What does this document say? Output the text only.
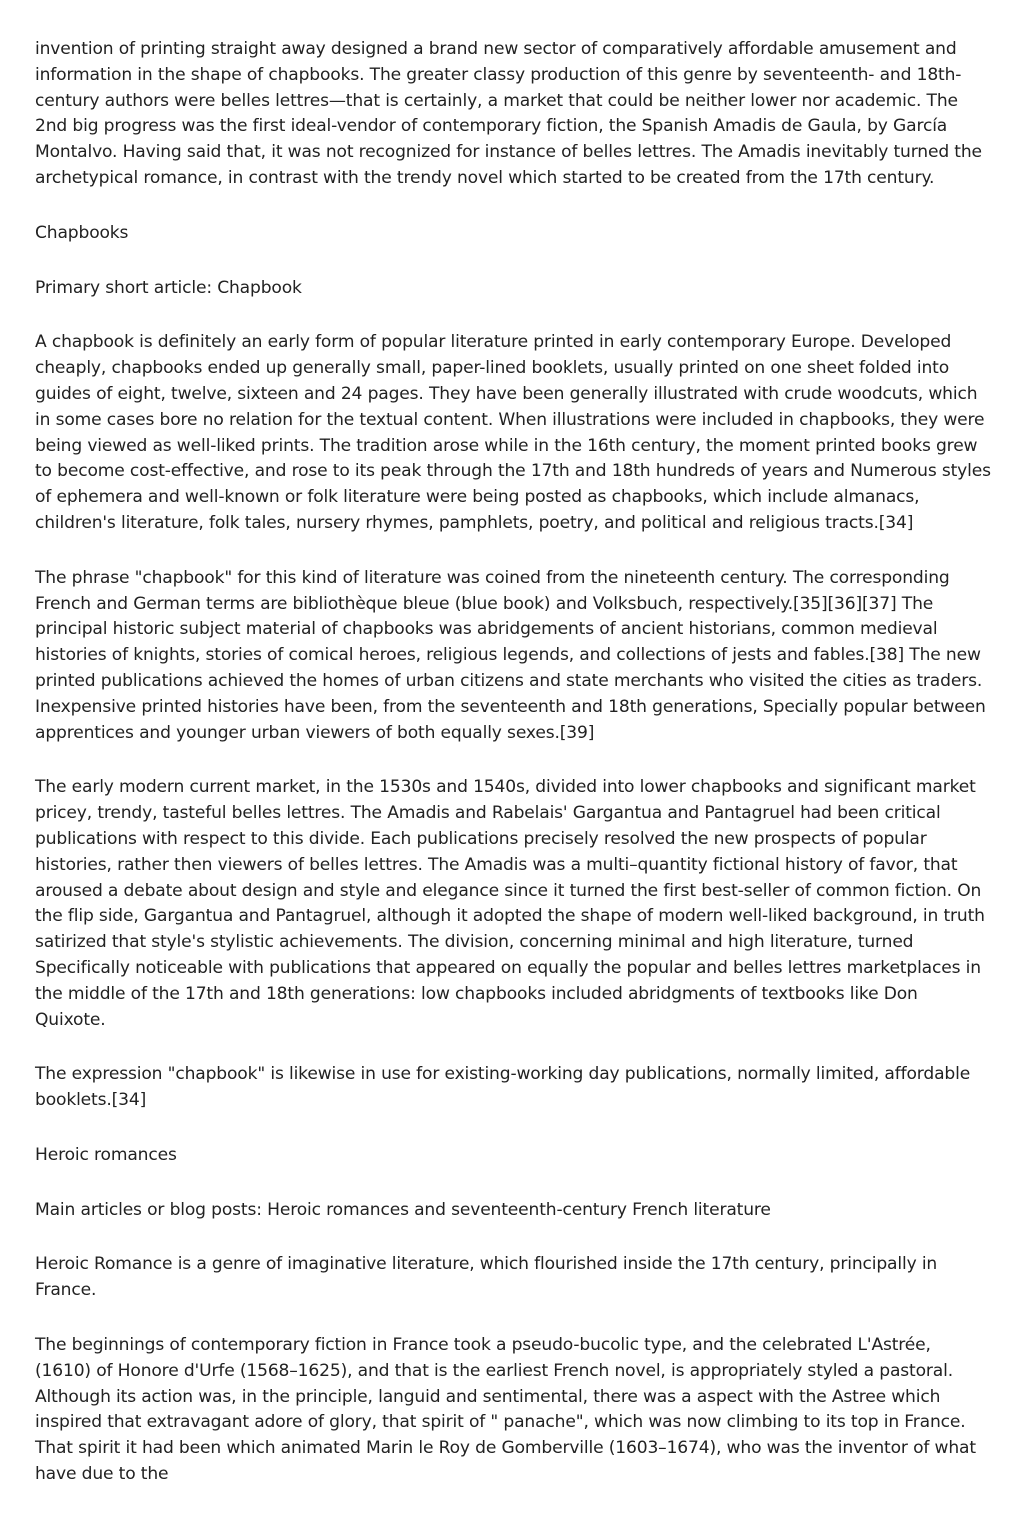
invention of printing straight away designed a brand new sector of comparatively affordable amusement and information in the shape of chapbooks. The greater classy production of this genre by seventeenth- and 18th-century authors were belles lettres—that is certainly, a market that could be neither lower nor academic. The 2nd big progress was the first ideal-vendor of contemporary fiction, the Spanish Amadis de Gaula, by García Montalvo. Having said that, it was not recognized for instance of belles lettres. The Amadis inevitably turned the archetypical romance, in contrast with the trendy novel which started to be created from the 17th century.

Chapbooks

Primary short article: Chapbook

A chapbook is definitely an early form of popular literature printed in early contemporary Europe. Developed cheaply, chapbooks ended up generally small, paper-lined booklets, usually printed on one sheet folded into guides of eight, twelve, sixteen and 24 pages. They have been generally illustrated with crude woodcuts, which in some cases bore no relation for the textual content. When illustrations were included in chapbooks, they were being viewed as well-liked prints. The tradition arose while in the 16th century, the moment printed books grew to become cost-effective, and rose to its peak through the 17th and 18th hundreds of years and Numerous styles of ephemera and well-known or folk literature were being posted as chapbooks, which include almanacs, children's literature, folk tales, nursery rhymes, pamphlets, poetry, and political and religious tracts.[34]

The phrase "chapbook" for this kind of literature was coined from the nineteenth century. The corresponding French and German terms are bibliothèque bleue (blue book) and Volksbuch, respectively.[35][36][37] The principal historic subject material of chapbooks was abridgements of ancient historians, common medieval histories of knights, stories of comical heroes, religious legends, and collections of jests and fables.[38] The new printed publications achieved the homes of urban citizens and state merchants who visited the cities as traders. Inexpensive printed histories have been, from the seventeenth and 18th generations, Specially popular between apprentices and younger urban viewers of both equally sexes.[39]

The early modern current market, in the 1530s and 1540s, divided into lower chapbooks and significant market pricey, trendy, tasteful belles lettres. The Amadis and Rabelais' Gargantua and Pantagruel had been critical publications with respect to this divide. Each publications precisely resolved the new prospects of popular histories, rather then viewers of belles lettres. The Amadis was a multi–quantity fictional history of favor, that aroused a debate about design and style and elegance since it turned the first best-seller of common fiction. On the flip side, Gargantua and Pantagruel, although it adopted the shape of modern well-liked background, in truth satirized that style's stylistic achievements. The division, concerning minimal and high literature, turned Specifically noticeable with publications that appeared on equally the popular and belles lettres marketplaces in the middle of the 17th and 18th generations: low chapbooks included abridgments of textbooks like Don Quixote.

The expression "chapbook" is likewise in use for existing-working day publications, normally limited, affordable booklets.[34]

Heroic romances

Main articles or blog posts: Heroic romances and seventeenth-century French literature

Heroic Romance is a genre of imaginative literature, which flourished inside the 17th century, principally in France.

The beginnings of contemporary fiction in France took a pseudo-bucolic type, and the celebrated L'Astrée, (1610) of Honore d'Urfe (1568–1625), and that is the earliest French novel, is appropriately styled a pastoral. Although its action was, in the principle, languid and sentimental, there was a aspect with the Astree which inspired that extravagant adore of glory, that spirit of " panache", which was now climbing to its top in France. That spirit it had been which animated Marin le Roy de Gomberville (1603–1674), who was the inventor of what have due to the
